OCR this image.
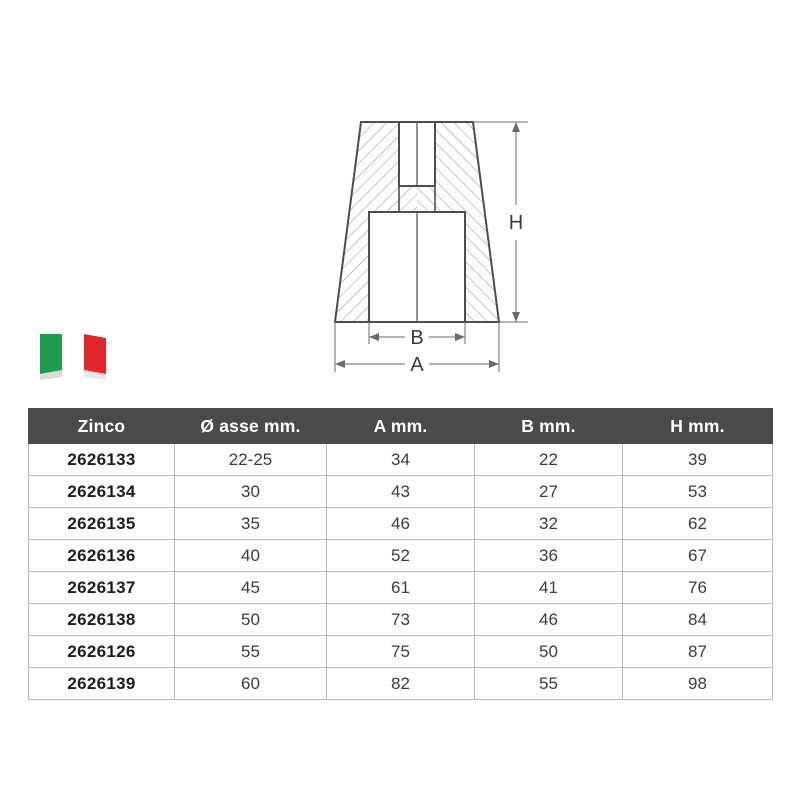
H
B
A
Zinco	Ø asse mm.	A mm.	B mm.	H mm.
2626133	22-25	34	22	39
2626134	30	43	27	53
2626135	35	46	32	62
2626136	40	52	36	67
2626137	45	61	41	76
2626138	50	73	46	84
2626126	55	75	50	87
2626139	60	82	55	98
